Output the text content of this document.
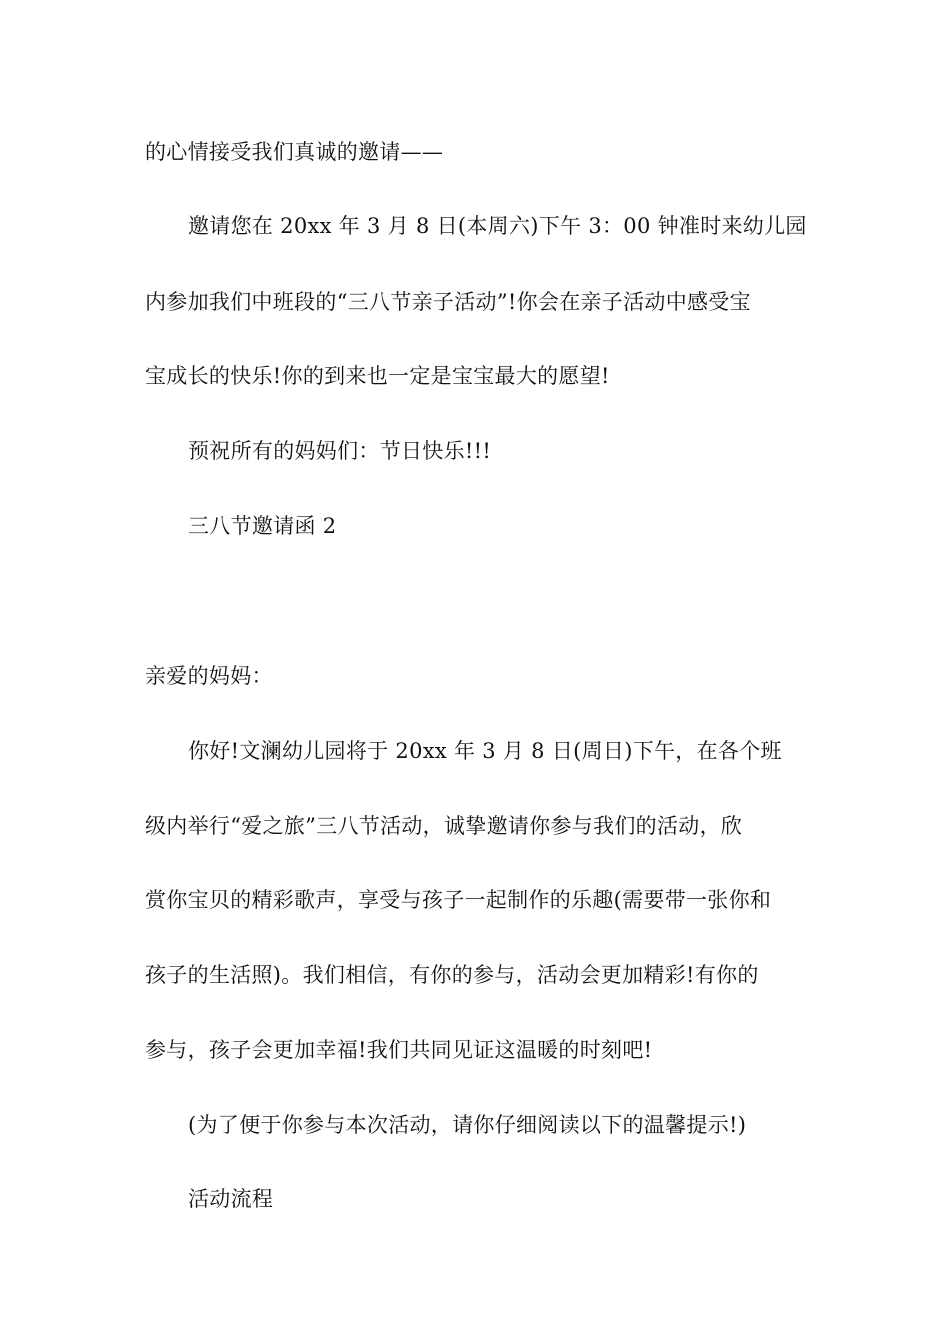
的心情接受我们真诚的邀请——
邀请您在 20xx 年 3 月 8 日(本周六)下午 3：00 钟准时来幼儿园
内参加我们中班段的“三八节亲子活动”!你会在亲子活动中感受宝
宝成长的快乐!你的到来也一定是宝宝最大的愿望!
预祝所有的妈妈们：节日快乐!!!
三八节邀请函 2
亲爱的妈妈：
你好!文澜幼儿园将于 20xx 年 3 月 8 日(周日)下午，在各个班
级内举行“爱之旅”三八节活动，诚挚邀请你参与我们的活动，欣
赏你宝贝的精彩歌声，享受与孩子一起制作的乐趣(需要带一张你和
孩子的生活照)。我们相信，有你的参与，活动会更加精彩!有你的
参与，孩子会更加幸福!我们共同见证这温暖的时刻吧!
(为了便于你参与本次活动，请你仔细阅读以下的温馨提示!)
活动流程
